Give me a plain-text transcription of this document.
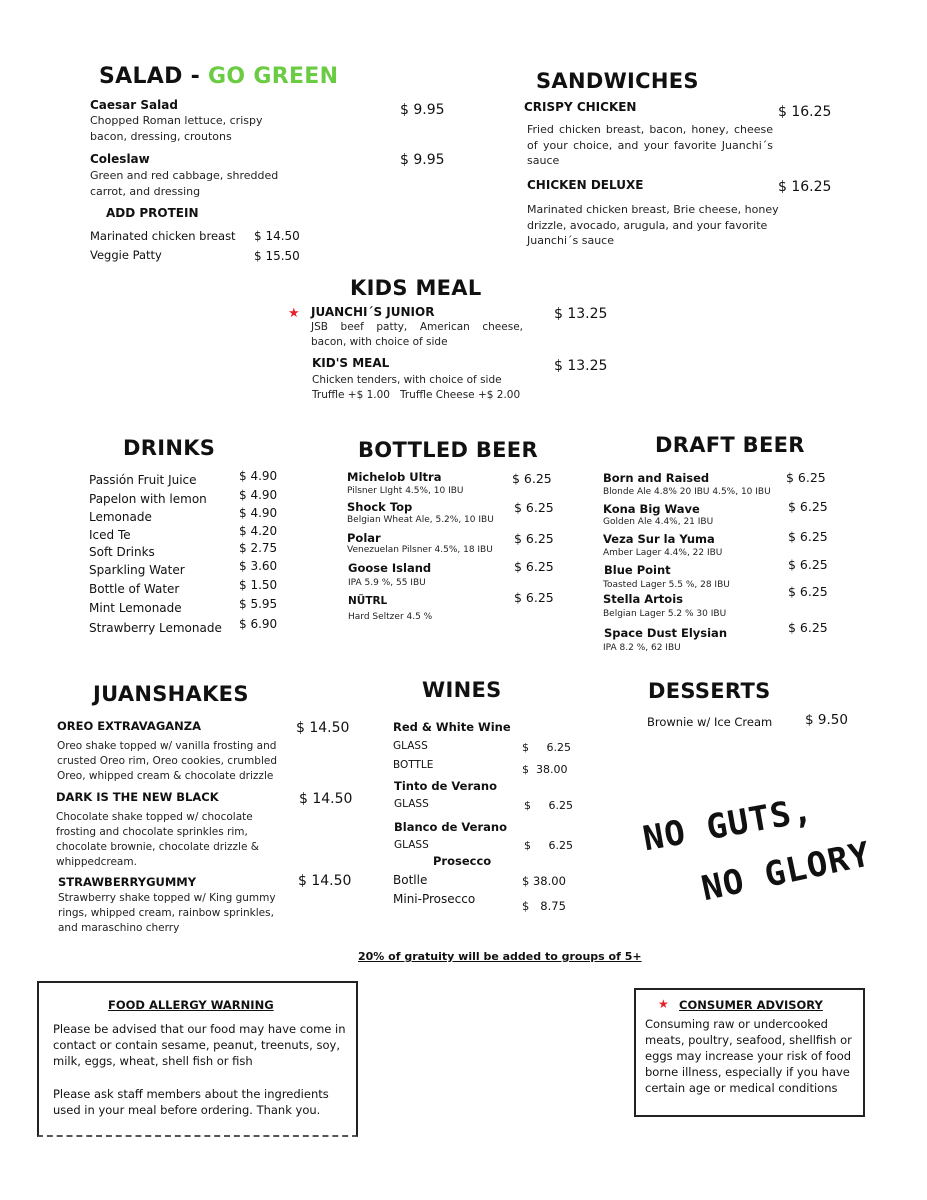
SALAD - GO GREEN
Caesar Salad
Chopped Roman lettuce, crispy bacon, dressing, croutons
$ 9.95
Coleslaw
Green and red cabbage, shredded carrot, and dressing
$ 9.95
ADD PROTEIN
Marinated chicken breast $ 14.50
Veggie Patty	$ 15.50
SANDWICHES
CRISPY CHICKEN
Fried chicken breast, bacon, honey, cheese of your choice, and your favorite Juanchi´s sauce
$ 16.25
CHICKEN DELUXE
Marinated chicken breast, Brie cheese, honey drizzle, avocado, arugula, and your favorite Juanchi´s sauce
$ 16.25
KIDS MEAL
★ JUANCHI´S JUNIOR
JSB beef patty, American cheese, bacon, with choice of side
$ 13.25
KID'S MEAL
Chicken tenders, with choice of side
Truffle +$ 1.00   Truffle Cheese +$ 2.00
$ 13.25
DRINKS
Passión Fruit Juice	$ 4.90
Papelon with lemon	$ 4.90
Lemonade	$ 4.90
Iced Te	$ 4.20
Soft Drinks	$ 2.75
Sparkling Water	$ 3.60
Bottle of Water	$ 1.50
Mint Lemonade	$ 5.95
Strawberry Lemonade $ 6.90
BOTTLED BEER
Michelob Ultra
Pilsner LIght 4.5%, 10 IBU
$ 6.25
Shock Top
Belgian Wheat Ale, 5.2%, 10 IBU
$ 6.25
Polar
Venezuelan Pilsner 4.5%, 18 IBU
$ 6.25
Goose Island
IPA 5.9 %, 55 IBU
$ 6.25
NÜTRL
Hard Seltzer 4.5 %
$ 6.25
DRAFT BEER
Born and Raised
Blonde Ale 4.8% 20 IBU 4.5%, 10 IBU
$ 6.25
Kona Big Wave
Golden Ale 4.4%, 21 IBU
$ 6.25
Veza Sur la Yuma
Amber Lager 4.4%, 22 IBU
$ 6.25
Blue Point
Toasted Lager 5.5 %, 28 IBU
$ 6.25
Stella Artois
Belgian Lager 5.2 % 30 IBU
$ 6.25
Space Dust Elysian
IPA 8.2 %, 62 IBU
$ 6.25
JUANSHAKES
OREO EXTRAVAGANZA
Oreo shake topped w/ vanilla frosting and crusted Oreo rim, Oreo cookies, crumbled Oreo, whipped cream & chocolate drizzle
$ 14.50
DARK IS THE NEW BLACK
Chocolate shake topped w/ chocolate frosting and chocolate sprinkles rim, chocolate brownie, chocolate drizzle & whippedcream.
$ 14.50
STRAWBERRYGUMMY
Strawberry shake topped w/ King gummy rings, whipped cream, rainbow sprinkles, and maraschino cherry
$ 14.50
WINES
Red & White Wine
GLASS	$     6.25
BOTTLE	$  38.00
Tinto de Verano
GLASS	$     6.25
Blanco de Verano
GLASS	$     6.25
Prosecco
Botlle	$ 38.00
Mini-Prosecco	$   8.75
DESSERTS
Brownie w/ Ice Cream $ 9.50
NO GUTS,
NO GLORY
20% of gratuity will be added to groups of 5+
FOOD ALLERGY WARNING
Please be advised that our food may have come in contact or contain sesame, peanut, treenuts, soy, milk, eggs, wheat, shell fish or fish
Please ask staff members about the ingredients used in your meal before ordering. Thank you.
★ CONSUMER ADVISORY
Consuming raw or undercooked meats, poultry, seafood, shellfish or eggs may increase your risk of food borne illness, especially if you have certain age or medical conditions
